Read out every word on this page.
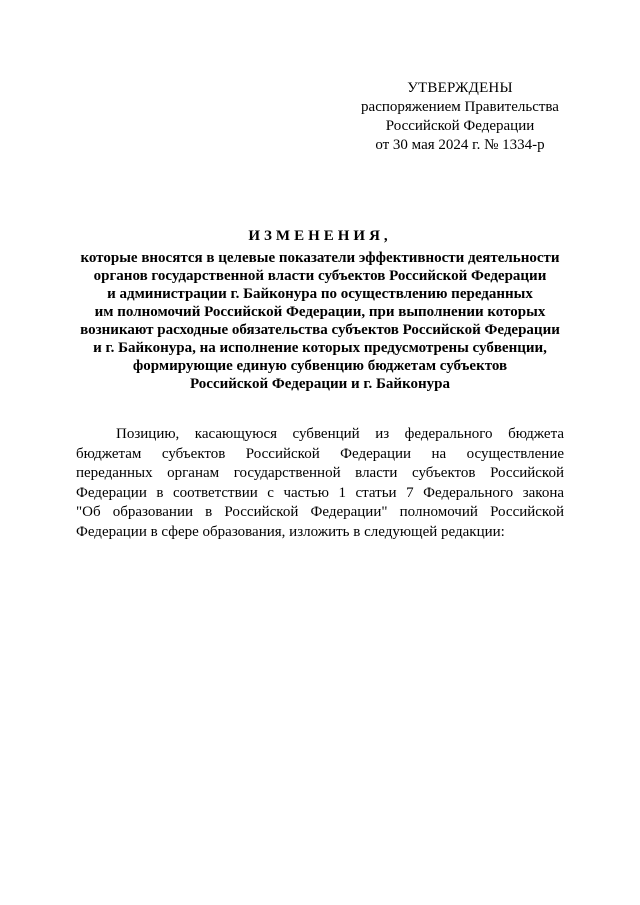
УТВЕРЖДЕНЫ
распоряжением Правительства
Российской Федерации
от 30 мая 2024 г. № 1334-р
ИЗМЕНЕНИЯ,
которые вносятся в целевые показатели эффективности деятельности
органов государственной власти субъектов Российской Федерации
и администрации г. Байконура по осуществлению переданных
им полномочий Российской Федерации, при выполнении которых
возникают расходные обязательства субъектов Российской Федерации
и г. Байконура, на исполнение которых предусмотрены субвенции,
формирующие единую субвенцию бюджетам субъектов
Российской Федерации и г. Байконура
Позицию, касающуюся субвенций из федерального бюджета
бюджетам субъектов Российской Федерации на осуществление
переданных органам государственной власти субъектов Российской
Федерации в соответствии с частью 1 статьи 7 Федерального закона
"Об образовании в Российской Федерации" полномочий Российской
Федерации в сфере образования, изложить в следующей редакции:
